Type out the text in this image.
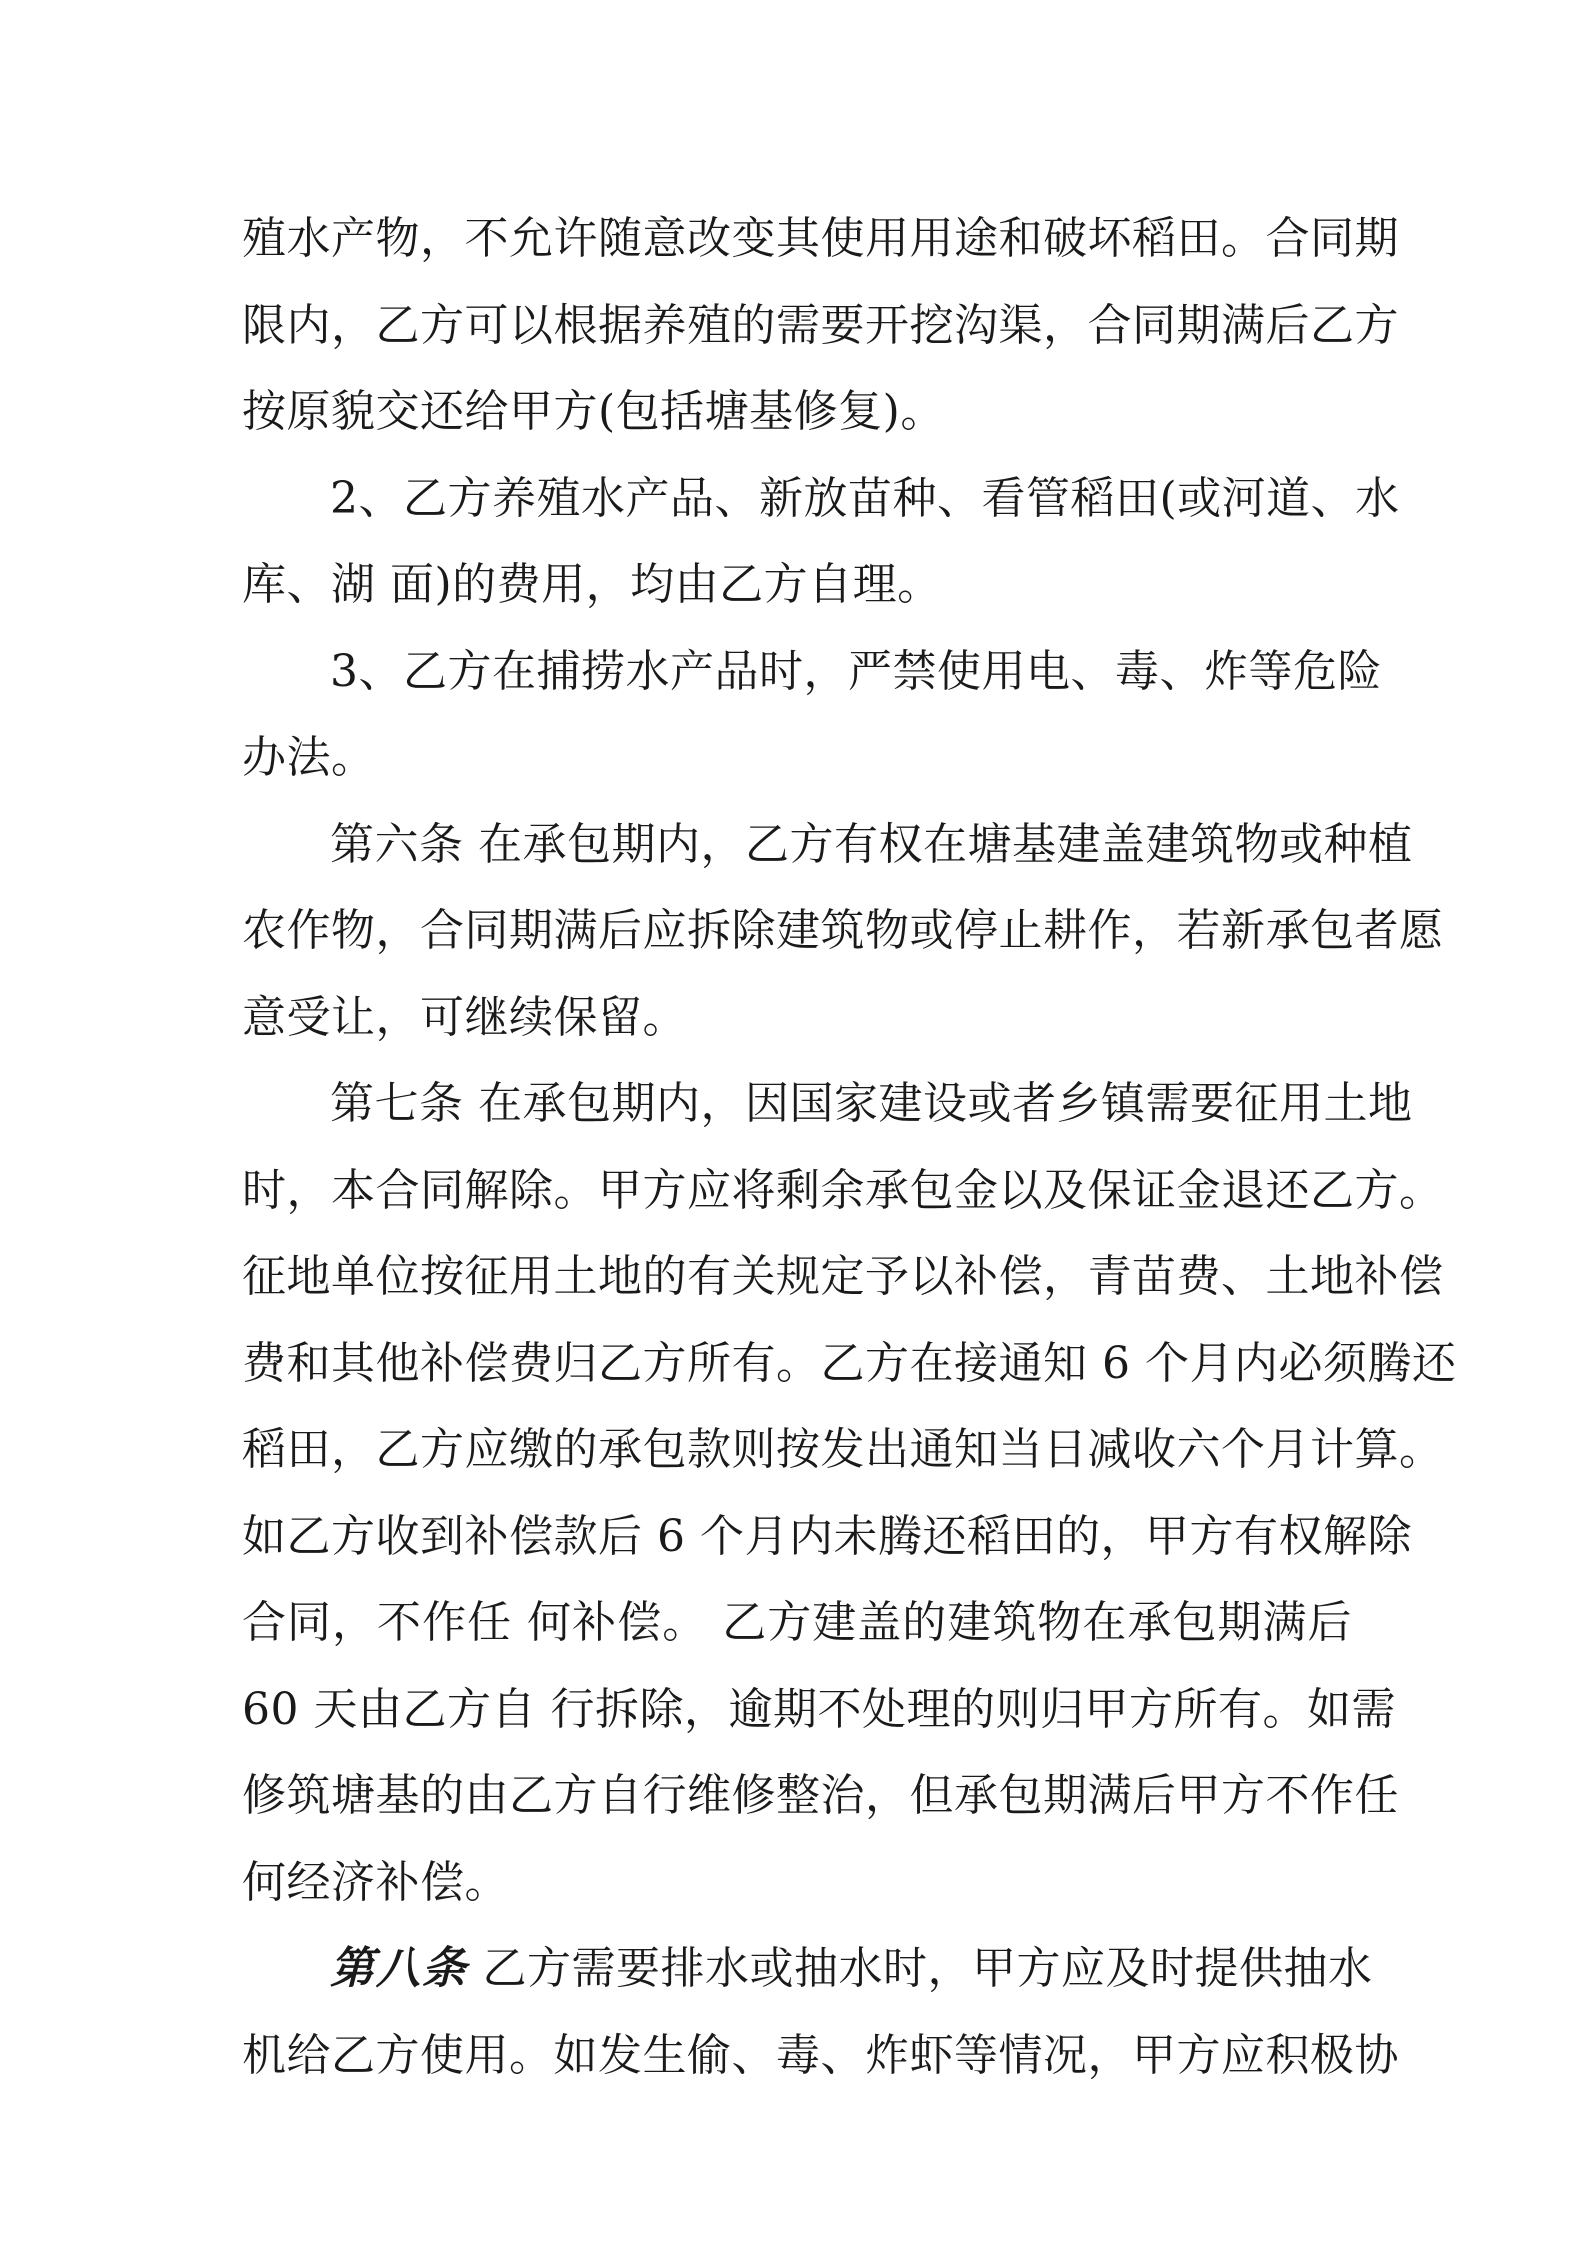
殖水产物，不允许随意改变其使用用途和破坏稻田。合同期
限内，乙方可以根据养殖的需要开挖沟渠，合同期满后乙方
按原貌交还给甲方(包括塘基修复)。
2、乙方养殖水产品、新放苗种、看管稻田(或河道、水
库、湖 面)的费用，均由乙方自理。
3、乙方在捕捞水产品时，严禁使用电、毒、炸等危险
办法。
第六条 在承包期内，乙方有权在塘基建盖建筑物或种植
农作物，合同期满后应拆除建筑物或停止耕作，若新承包者愿
意受让，可继续保留。
第七条 在承包期内，因国家建设或者乡镇需要征用土地
时，本合同解除。甲方应将剩余承包金以及保证金退还乙方。
征地单位按征用土地的有关规定予以补偿，青苗费、土地补偿
费和其他补偿费归乙方所有。乙方在接通知 6 个月内必须腾还
稻田，乙方应缴的承包款则按发出通知当日减收六个月计算。
如乙方收到补偿款后 6 个月内未腾还稻田的，甲方有权解除
合同，不作任 何补偿。 乙方建盖的建筑物在承包期满后
60 天由乙方自 行拆除，逾期不处理的则归甲方所有。如需
修筑塘基的由乙方自行维修整治，但承包期满后甲方不作任
何经济补偿。
第八条 乙方需要排水或抽水时，甲方应及时提供抽水
机给乙方使用。如发生偷、毒、炸虾等情况，甲方应积极协
